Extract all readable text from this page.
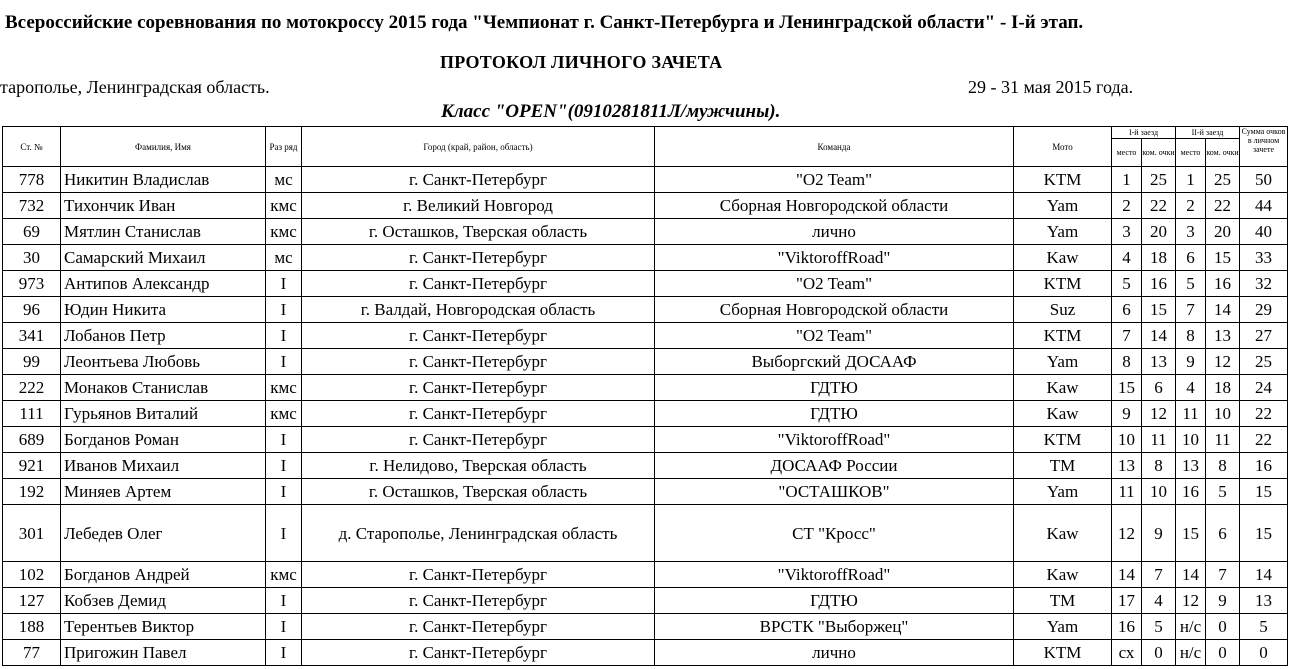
Всероссийские соревнования по мотокроссу 2015 года "Чемпионат г. Санкт-Петербурга и Ленинградской области" - I-й этап.
ПРОТОКОЛ ЛИЧНОГО ЗАЧЕТА
тарополье, Ленинградская область.	29 - 31 мая 2015 года.
Класс "OPEN"(0910281811Л/мужчины).
Ст. №	Фамилия, Имя	Раз ряд	Город (край, район, область)	Команда	Мото	I-й заезд		II-й заезд		Сумма очков в личном зачете
						место	ком. очки	место	ком. очки	
778	Никитин Владислав	мс	г. Санкт-Петербург	"O2 Team"	KTM	1	25	1	25	50
732	Тихончик Иван	кмс	г. Великий Новгород	Сборная Новгородской области	Yam	2	22	2	22	44
69	Мятлин Станислав	кмс	г. Осташков, Тверская область	лично	Yam	3	20	3	20	40
30	Самарский Михаил	мс	г. Санкт-Петербург	"ViktoroffRoad"	Kaw	4	18	6	15	33
973	Антипов Александр	I	г. Санкт-Петербург	"O2 Team"	KTM	5	16	5	16	32
96	Юдин Никита	I	г. Валдай, Новгородская область	Сборная Новгородской области	Suz	6	15	7	14	29
341	Лобанов Петр	I	г. Санкт-Петербург	"O2 Team"	KTM	7	14	8	13	27
99	Леонтьева Любовь	I	г. Санкт-Петербург	Выборгский ДОСААФ	Yam	8	13	9	12	25
222	Монаков Станислав	кмс	г. Санкт-Петербург	ГДТЮ	Kaw	15	6	4	18	24
111	Гурьянов Виталий	кмс	г. Санкт-Петербург	ГДТЮ	Kaw	9	12	11	10	22
689	Богданов Роман	I	г. Санкт-Петербург	"ViktoroffRoad"	KTM	10	11	10	11	22
921	Иванов Михаил	I	г. Нелидово, Тверская область	ДОСААФ России	TM	13	8	13	8	16
192	Миняев Артем	I	г. Осташков, Тверская область	"ОСТАШКОВ"	Yam	11	10	16	5	15
301	Лебедев Олег	I	д. Старополье, Ленинградская область	СТ "Кросс"	Kaw	12	9	15	6	15
102	Богданов Андрей	кмс	г. Санкт-Петербург	"ViktoroffRoad"	Kaw	14	7	14	7	14
127	Кобзев Демид	I	г. Санкт-Петербург	ГДТЮ	TM	17	4	12	9	13
188	Терентьев Виктор	I	г. Санкт-Петербург	ВРСТК "Выборжец"	Yam	16	5	н/с	0	5
77	Пригожин Павел	I	г. Санкт-Петербург	лично	KTM	сх	0	н/с	0	0
